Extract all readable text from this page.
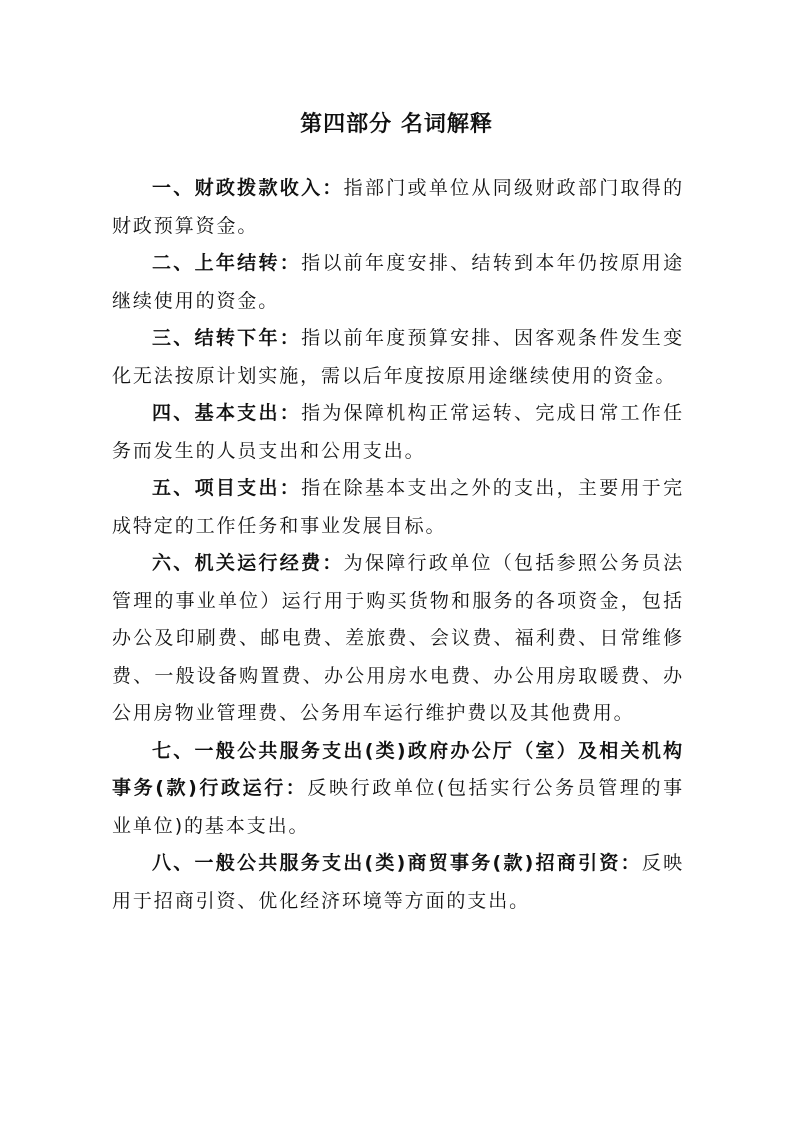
第四部分 名词解释

一、财政拨款收入：指部门或单位从同级财政部门取得的财政预算资金。

二、上年结转：指以前年度安排、结转到本年仍按原用途继续使用的资金。

三、结转下年：指以前年度预算安排、因客观条件发生变化无法按原计划实施，需以后年度按原用途继续使用的资金。

四、基本支出：指为保障机构正常运转、完成日常工作任务而发生的人员支出和公用支出。

五、项目支出：指在除基本支出之外的支出，主要用于完成特定的工作任务和事业发展目标。

六、机关运行经费：为保障行政单位（包括参照公务员法管理的事业单位）运行用于购买货物和服务的各项资金，包括办公及印刷费、邮电费、差旅费、会议费、福利费、日常维修费、一般设备购置费、办公用房水电费、办公用房取暖费、办公用房物业管理费、公务用车运行维护费以及其他费用。

七、一般公共服务支出(类)政府办公厅（室）及相关机构事务(款)行政运行：反映行政单位(包括实行公务员管理的事业单位)的基本支出。

八、一般公共服务支出(类)商贸事务(款)招商引资：反映用于招商引资、优化经济环境等方面的支出。
